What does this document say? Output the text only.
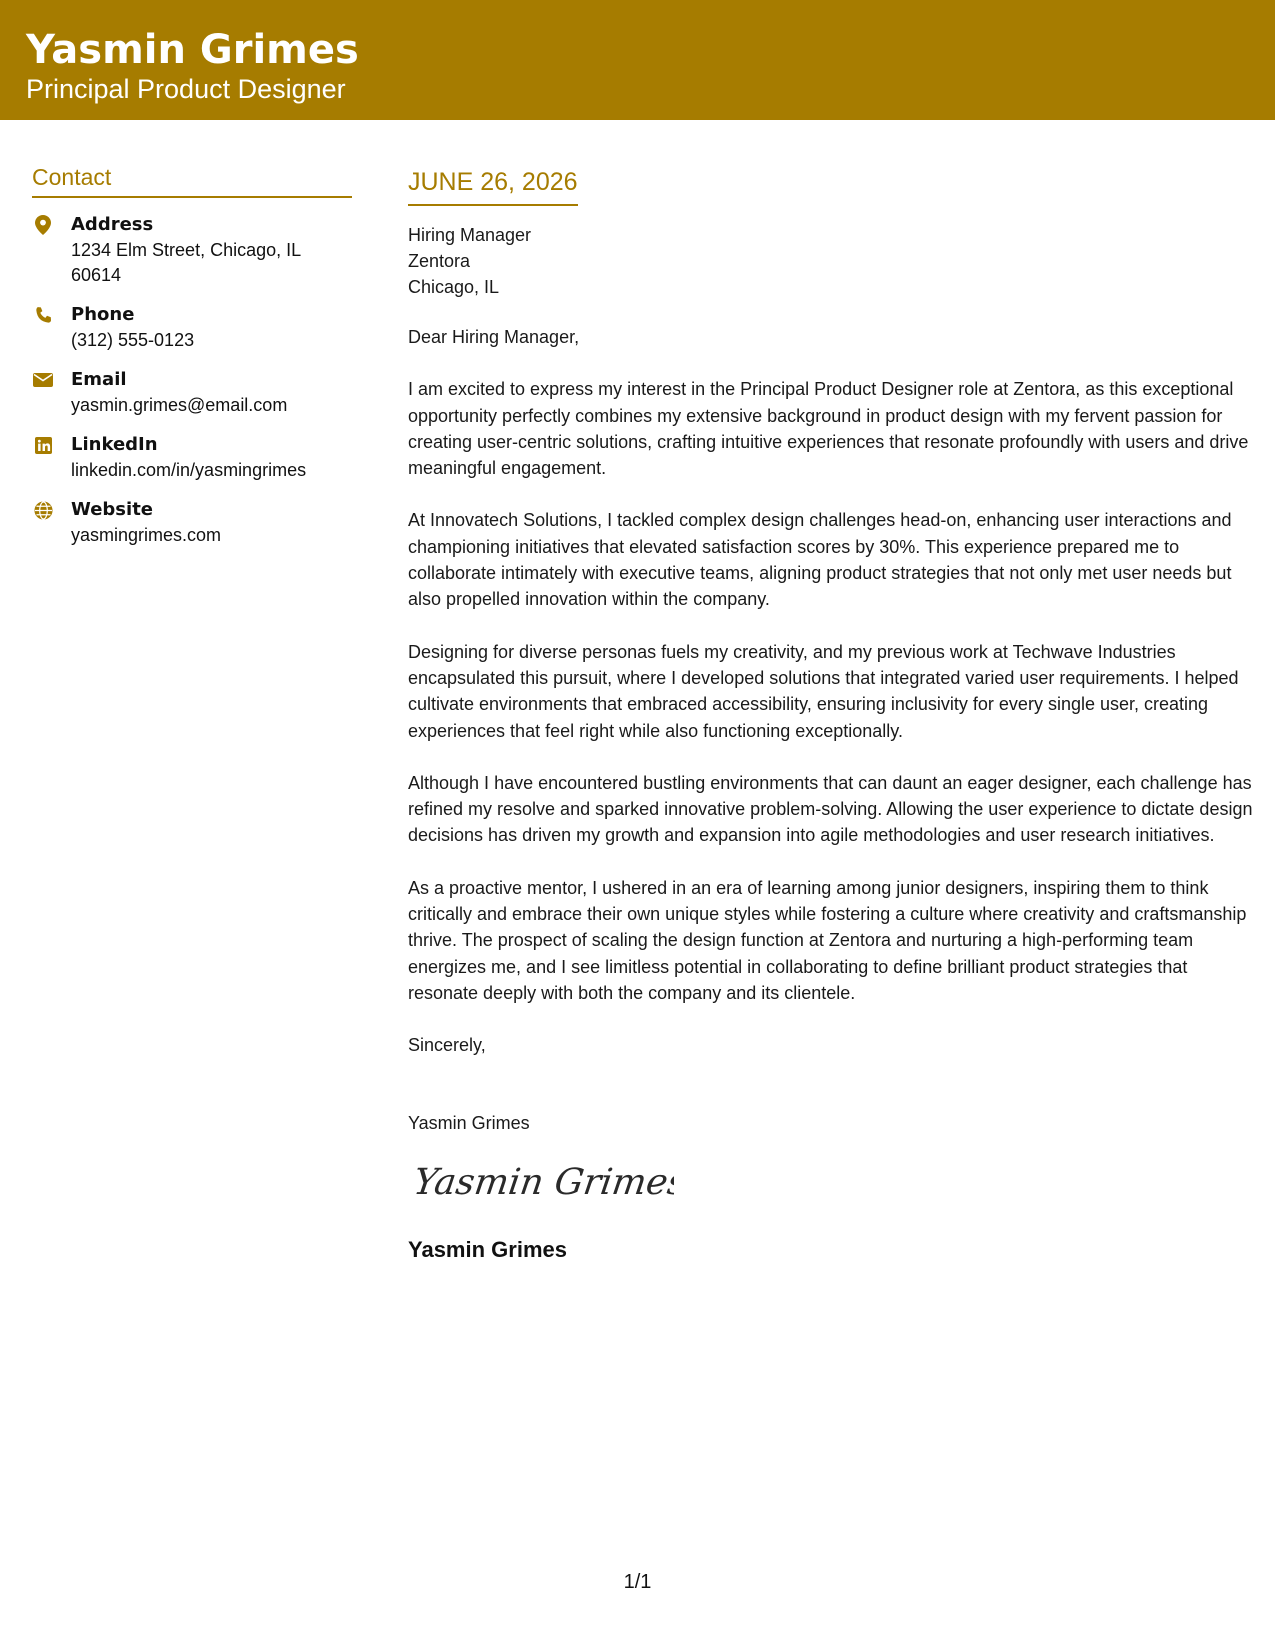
Yasmin Grimes
Principal Product Designer
Contact
Address
1234 Elm Street, Chicago, IL 60614
Phone
(312) 555-0123
Email
yasmin.grimes@email.com
LinkedIn
linkedin.com/in/yasmingrimes
Website
yasmingrimes.com
JUNE 26, 2026
Hiring Manager
Zentora
Chicago, IL

Dear Hiring Manager,

I am excited to express my interest in the Principal Product Designer role at Zentora, as this exceptional opportunity perfectly combines my extensive background in product design with my fervent passion for creating user-centric solutions, crafting intuitive experiences that resonate profoundly with users and drive meaningful engagement.

At Innovatech Solutions, I tackled complex design challenges head-on, enhancing user interactions and championing initiatives that elevated satisfaction scores by 30%. This experience prepared me to collaborate intimately with executive teams, aligning product strategies that not only met user needs but also propelled innovation within the company.

Designing for diverse personas fuels my creativity, and my previous work at Techwave Industries encapsulated this pursuit, where I developed solutions that integrated varied user requirements. I helped cultivate environments that embraced accessibility, ensuring inclusivity for every single user, creating experiences that feel right while also functioning exceptionally.

Although I have encountered bustling environments that can daunt an eager designer, each challenge has refined my resolve and sparked innovative problem-solving. Allowing the user experience to dictate design decisions has driven my growth and expansion into agile methodologies and user research initiatives.

As a proactive mentor, I ushered in an era of learning among junior designers, inspiring them to think critically and embrace their own unique styles while fostering a culture where creativity and craftsmanship thrive. The prospect of scaling the design function at Zentora and nurturing a high-performing team energizes me, and I see limitless potential in collaborating to define brilliant product strategies that resonate deeply with both the company and its clientele.

Sincerely,

Yasmin Grimes
Yasmin Grimes
Yasmin Grimes
1/1
